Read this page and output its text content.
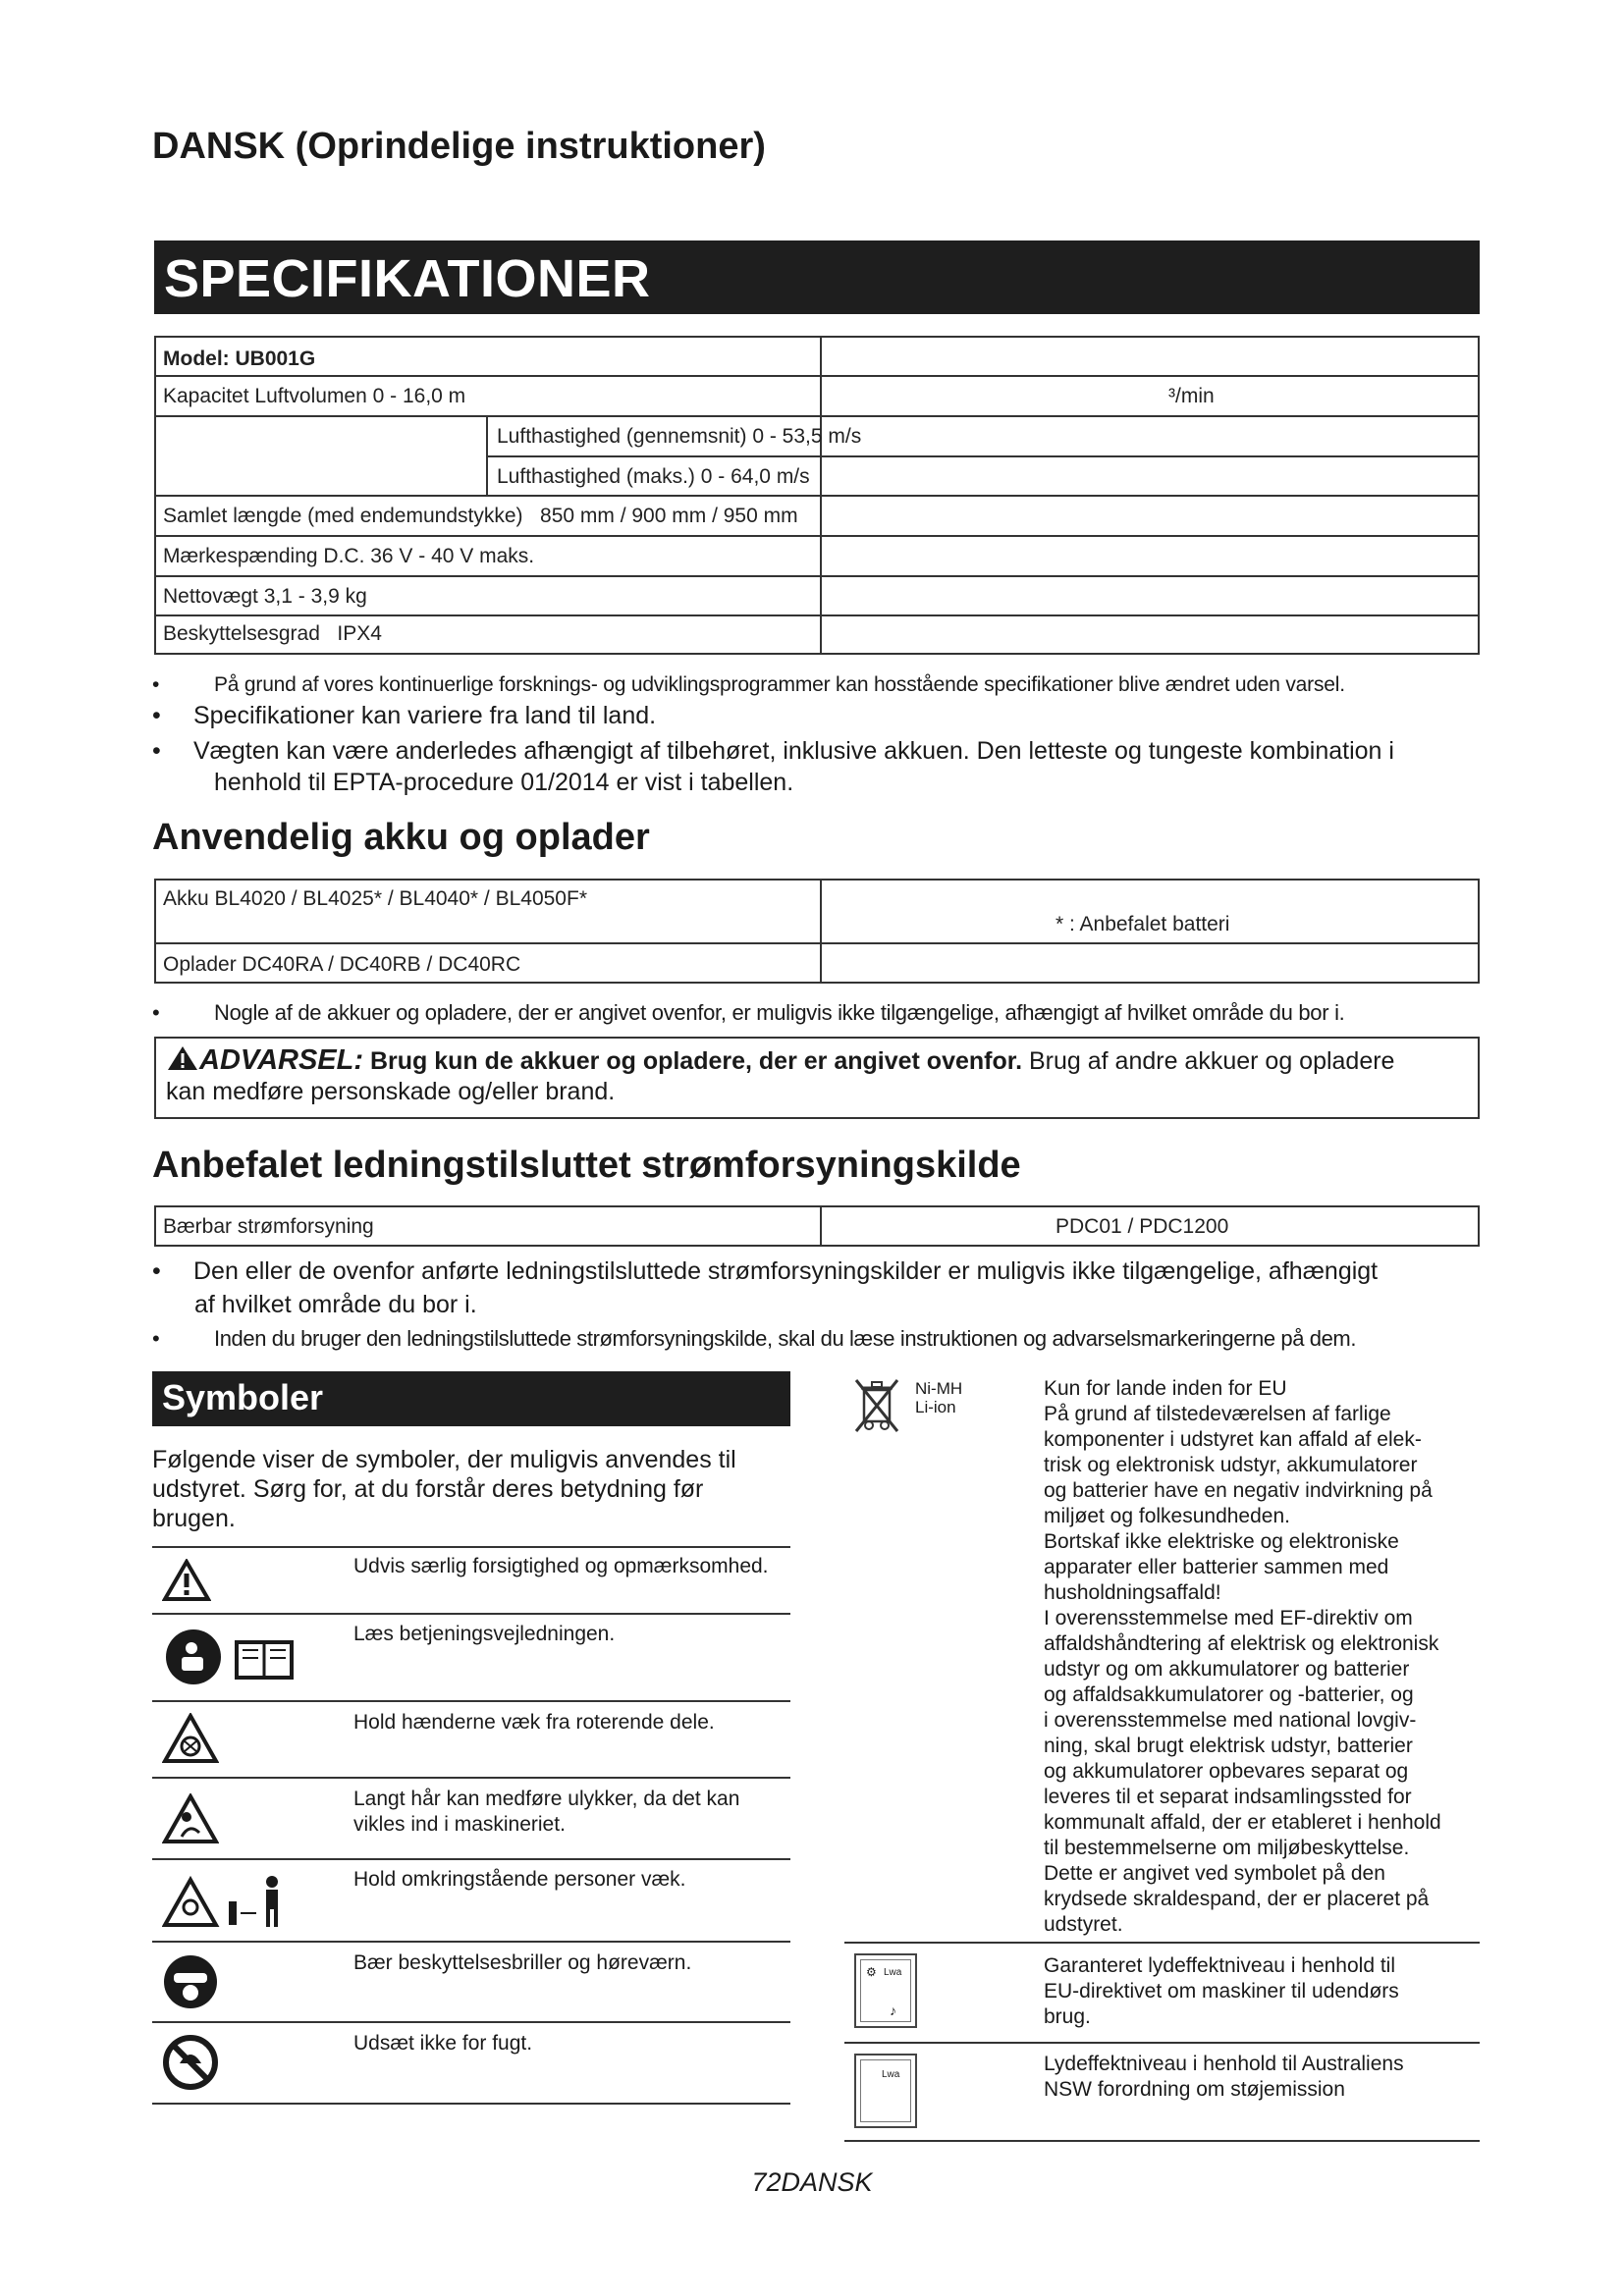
DANSK (Oprindelige instruktioner)
SPECIFIKATIONER
Model: UB001G
Kapacitet Luftvolumen 0 - 16,0 m	³/min
Lufthastighed (gennemsnit) 0 - 53,5 m/s
Lufthastighed (maks.) 0 - 64,0 m/s
Samlet længde (med endemundstykke)   850 mm / 900 mm / 950 mm
Mærkespænding D.C. 36 V - 40 V maks.
Nettovægt 3,1 - 3,9 kg
Beskyttelsesgrad   IPX4
•	På grund af vores kontinuerlige forsknings- og udviklingsprogrammer kan hosstående specifikationer blive ændret uden varsel.
• Specifikationer kan variere fra land til land.
• Vægten kan være anderledes afhængigt af tilbehøret, inklusive akkuen. Den letteste og tungeste kombination i
henhold til EPTA-procedure 01/2014 er vist i tabellen.
Anvendelig akku og oplader
Akku BL4020 / BL4025* / BL4040* / BL4050F*
* : Anbefalet batteri
Oplader DC40RA / DC40RB / DC40RC
•	Nogle af de akkuer og opladere, der er angivet ovenfor, er muligvis ikke tilgængelige, afhængigt af hvilket område du bor i.
ADVARSEL: Brug kun de akkuer og opladere, der er angivet ovenfor. Brug af andre akkuer og opladere
kan medføre personskade og/eller brand.
Anbefalet ledningstilsluttet strømforsyningskilde
Bærbar strømforsyning	PDC01 / PDC1200
• Den eller de ovenfor anførte ledningstilsluttede strømforsyningskilder er muligvis ikke tilgængelige, afhængigt
af hvilket område du bor i.
•	Inden du bruger den ledningstilsluttede strømforsyningskilde, skal du læse instruktionen og advarselsmarkeringerne på dem.
Symboler
Følgende viser de symboler, der muligvis anvendes til udstyret. Sørg for, at du forstår deres betydning før brugen.
Udvis særlig forsigtighed og opmærksomhed.
Læs betjeningsvejledningen.
Hold hænderne væk fra roterende dele.
Langt hår kan medføre ulykker, da det kan vikles ind i maskineriet.
Hold omkringstående personer væk.
Bær beskyttelsesbriller og høreværn.
Udsæt ikke for fugt.
Ni-MH
Li-ion
Kun for lande inden for EU
På grund af tilstedeværelsen af farlige
komponenter i udstyret kan affald af elek-
trisk og elektronisk udstyr, akkumulatorer
og batterier have en negativ indvirkning på
miljøet og folkesundheden.
Bortskaf ikke elektriske og elektroniske
apparater eller batterier sammen med
husholdningsaffald!
I overensstemmelse med EF-direktiv om
affaldshåndtering af elektrisk og elektronisk
udstyr og om akkumulatorer og batterier
og affaldsakkumulatorer og -batterier, og
i overensstemmelse med national lovgiv-
ning, skal brugt elektrisk udstyr, batterier
og akkumulatorer opbevares separat og
leveres til et separat indsamlingssted for
kommunalt affald, der er etableret i henhold
til bestemmelserne om miljøbeskyttelse.
Dette er angivet ved symbolet på den
krydsede skraldespand, der er placeret på
udstyret.
⚙ Lwa
♪
Garanteret lydeffektniveau i henhold til
EU-direktivet om maskiner til udendørs
brug.
Lwa	Lydeffektniveau i henhold til Australiens
NSW forordning om støjemission
72DANSK
